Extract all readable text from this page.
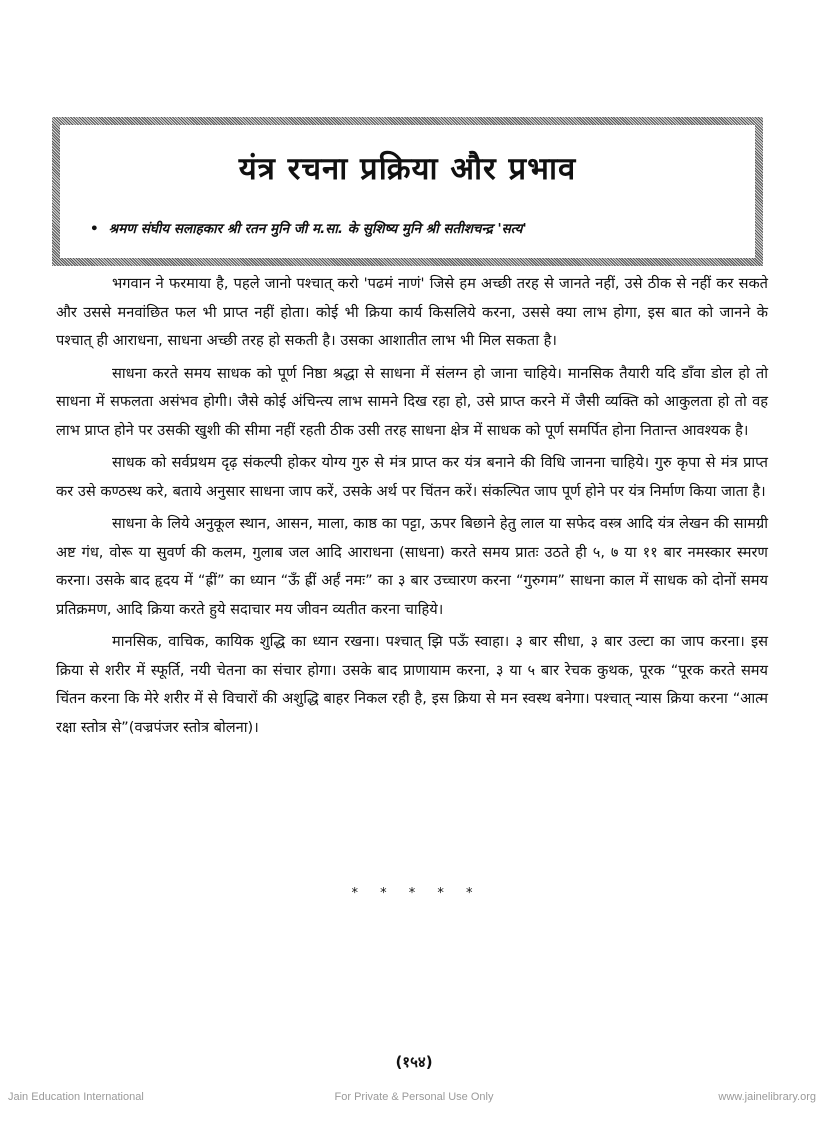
यंत्र रचना प्रक्रिया और प्रभाव
• श्रमण संघीय सलाहकार श्री रतन मुनि जी म.सा. के सुशिष्य मुनि श्री सतीशचन्द्र 'सत्य'

भगवान ने फरमाया है, पहले जानो पश्चात् करो 'पढमं नाणं' जिसे हम अच्छी तरह से जानते नहीं, उसे ठीक से नहीं कर सकते और उससे मनवांछित फल भी प्राप्त नहीं होता। कोई भी क्रिया कार्य किसलिये करना, उससे क्या लाभ होगा, इस बात को जानने के पश्चात् ही आराधना, साधना अच्छी तरह हो सकती है। उसका आशातीत लाभ भी मिल सकता है।

साधना करते समय साधक को पूर्ण निष्ठा श्रद्धा से साधना में संलग्न हो जाना चाहिये। मानसिक तैयारी यदि डाँवा डोल हो तो साधना में सफलता असंभव होगी। जैसे कोई अंचिन्त्य लाभ सामने दिख रहा हो, उसे प्राप्त करने में जैसी व्यक्ति को आकुलता हो तो वह लाभ प्राप्त होने पर उसकी खुशी की सीमा नहीं रहती ठीक उसी तरह साधना क्षेत्र में साधक को पूर्ण समर्पित होना नितान्त आवश्यक है।

साधक को सर्वप्रथम दृढ़ संकल्पी होकर योग्य गुरु से मंत्र प्राप्त कर यंत्र बनाने की विधि जानना चाहिये। गुरु कृपा से मंत्र प्राप्त कर उसे कण्ठस्थ करे, बताये अनुसार साधना जाप करें, उसके अर्थ पर चिंतन करें। संकल्पित जाप पूर्ण होने पर यंत्र निर्माण किया जाता है।

साधना के लिये अनुकूल स्थान, आसन, माला, काष्ठ का पट्टा, ऊपर बिछाने हेतु लाल या सफेद वस्त्र आदि यंत्र लेखन की सामग्री अष्ट गंध, वोरू या सुवर्ण की कलम, गुलाब जल आदि आराधना (साधना) करते समय प्रातः उठते ही ५, ७ या ११ बार नमस्कार स्मरण करना। उसके बाद हृदय में “ह्रीं” का ध्यान “ऊँ ह्रीं अर्हं नमः” का ३ बार उच्चारण करना “गुरुगम” साधना काल में साधक को दोनों समय प्रतिक्रमण, आदि क्रिया करते हुये सदाचार मय जीवन व्यतीत करना चाहिये।

मानसिक, वाचिक, कायिक शुद्धि का ध्यान रखना। पश्चात् झि पऊँ स्वाहा। ३ बार सीधा, ३ बार उल्टा का जाप करना। इस क्रिया से शरीर में स्फूर्ति, नयी चेतना का संचार होगा। उसके बाद प्राणायाम करना, ३ या ५ बार रेचक कुथक, पूरक “पूरक करते समय चिंतन करना कि मेरे शरीर में से विचारों की अशुद्धि बाहर निकल रही है, इस क्रिया से मन स्वस्थ बनेगा। पश्चात् न्यास क्रिया करना “आत्म रक्षा स्तोत्र से”(वज्रपंजर स्तोत्र बोलना)।

* * * * *
(१५४)
Jain Education International	For Private & Personal Use Only	www.jainelibrary.org
